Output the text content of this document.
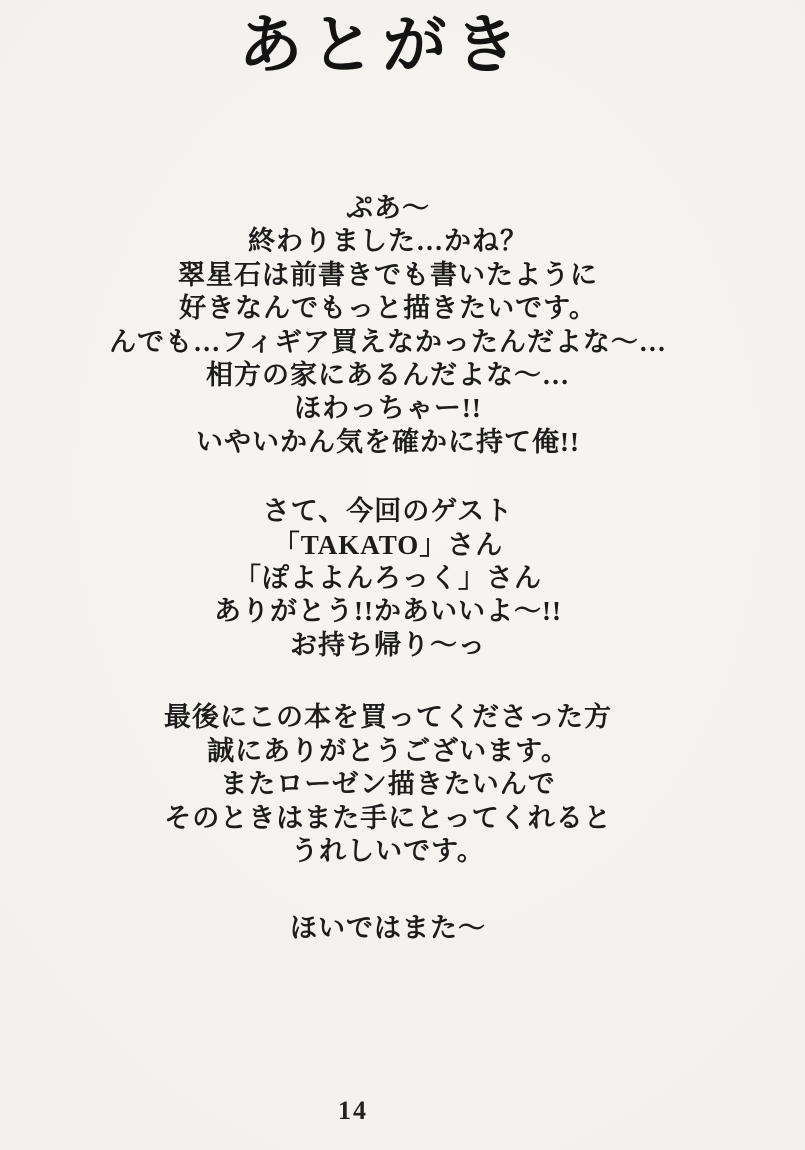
あとがき

ぷあ～
終わりました…かね？
翠星石は前書きでも書いたように
好きなんでもっと描きたいです。
んでも…フィギア買えなかったんだよな～…
相方の家にあるんだよな～…
ほわっちゃー!!
いやいかん気を確かに持て俺!!

さて、今回のゲスト
「TAKATO」さん
「ぽよよんろっく」さん
ありがとう!!かあいいよ～!!
お持ち帰り～っ

最後にこの本を買ってくださった方
誠にありがとうございます。
またローゼン描きたいんで
そのときはまた手にとってくれると
うれしいです。

ほいではまた～

14
